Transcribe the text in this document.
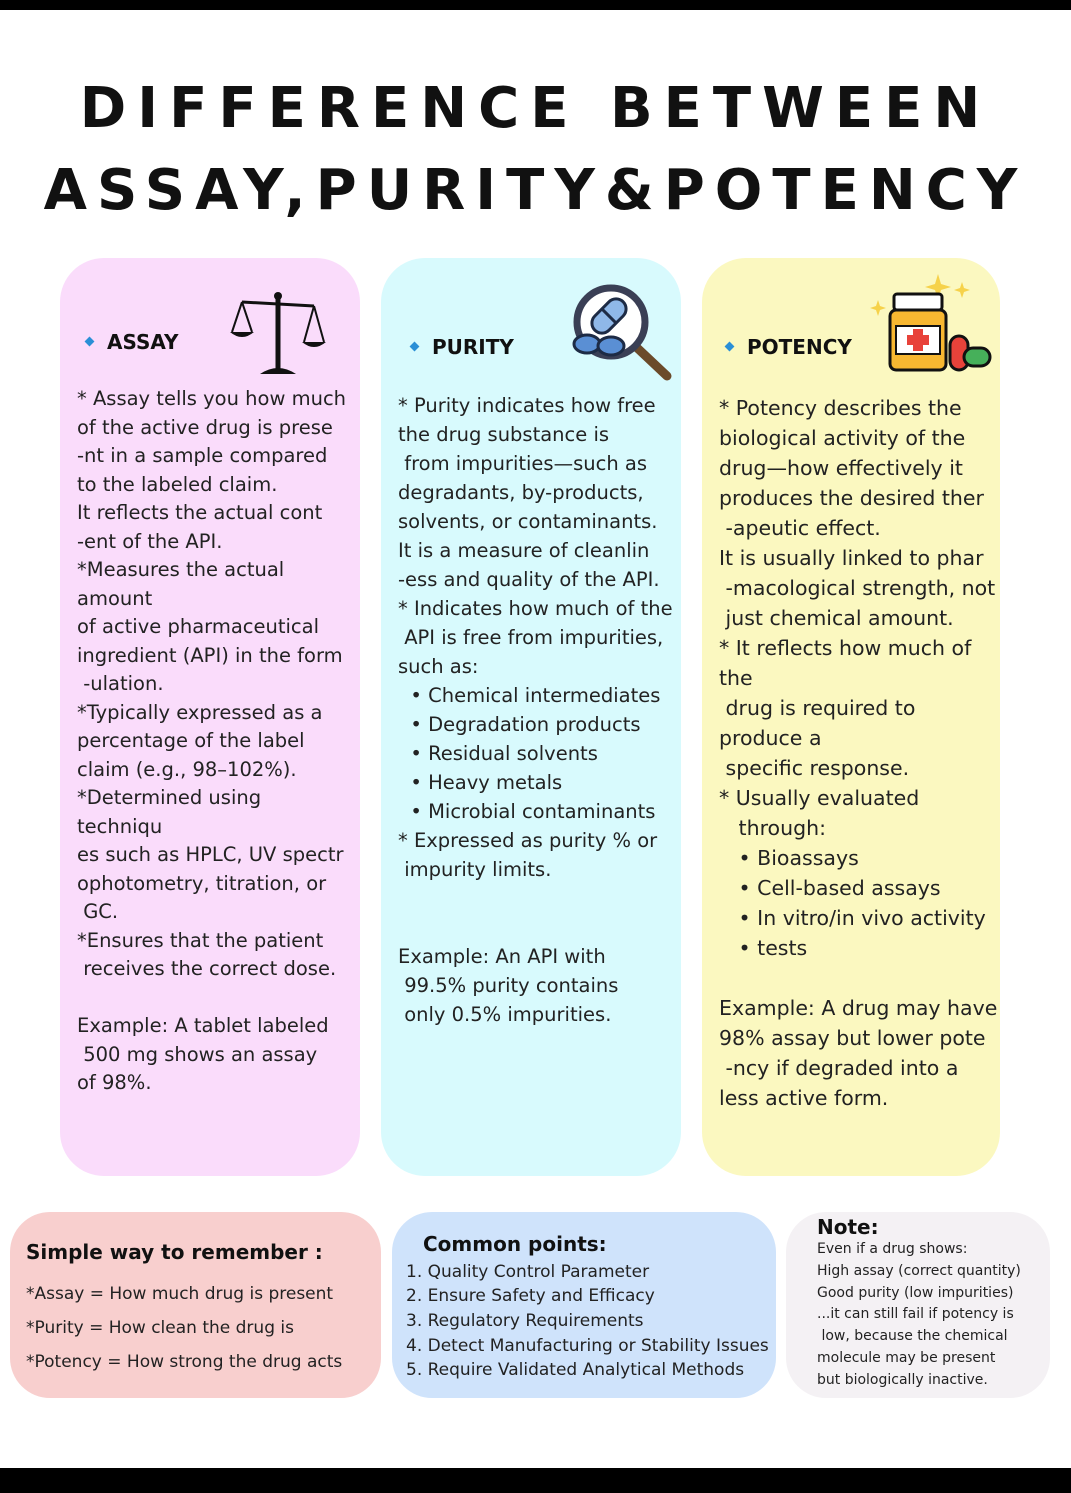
DIFFERENCE BETWEEN
ASSAY,PURITY&POTENCY
ASSAY
* Assay tells you how much
of the active drug is prese
-nt in a sample compared
to the labeled claim.
It reflects the actual cont
-ent of the API.
*Measures the actual
amount
of active pharmaceutical
ingredient (API) in the form
-ulation.
*Typically expressed as a
percentage of the label
claim (e.g., 98–102%).
*Determined using
techniqu
es such as HPLC, UV spectr
ophotometry, titration, or
GC.
*Ensures that the patient
receives the correct dose.

Example: A tablet labeled
500 mg shows an assay
of 98%.
PURITY
* Purity indicates how free
the drug substance is
from impurities—such as
degradants, by-products,
solvents, or contaminants.
It is a measure of cleanlin
-ess and quality of the API.
* Indicates how much of the
API is free from impurities,
such as:
• Chemical intermediates
• Degradation products
• Residual solvents
• Heavy metals
• Microbial contaminants
* Expressed as purity % or
impurity limits.

Example: An API with
99.5% purity contains
only 0.5% impurities.
POTENCY
* Potency describes the
biological activity of the
drug—how effectively it
produces the desired ther
-apeutic effect.
It is usually linked to phar
-macological strength, not
just chemical amount.
* It reflects how much of
the
drug is required to
produce a
specific response.
* Usually evaluated
through:
• Bioassays
• Cell-based assays
• In vitro/in vivo activity
• tests

Example: A drug may have
98% assay but lower pote
-ncy if degraded into a
less active form.
Simple way to remember :
*Assay = How much drug is present
*Purity = How clean the drug is
*Potency = How strong the drug acts
Common points:
1. Quality Control Parameter
2. Ensure Safety and Efficacy
3. Regulatory Requirements
4. Detect Manufacturing or Stability Issues
5. Require Validated Analytical Methods
Note:
Even if a drug shows:
High assay (correct quantity)
Good purity (low impurities)
...it can still fail if potency is
low, because the chemical
molecule may be present
but biologically inactive.
